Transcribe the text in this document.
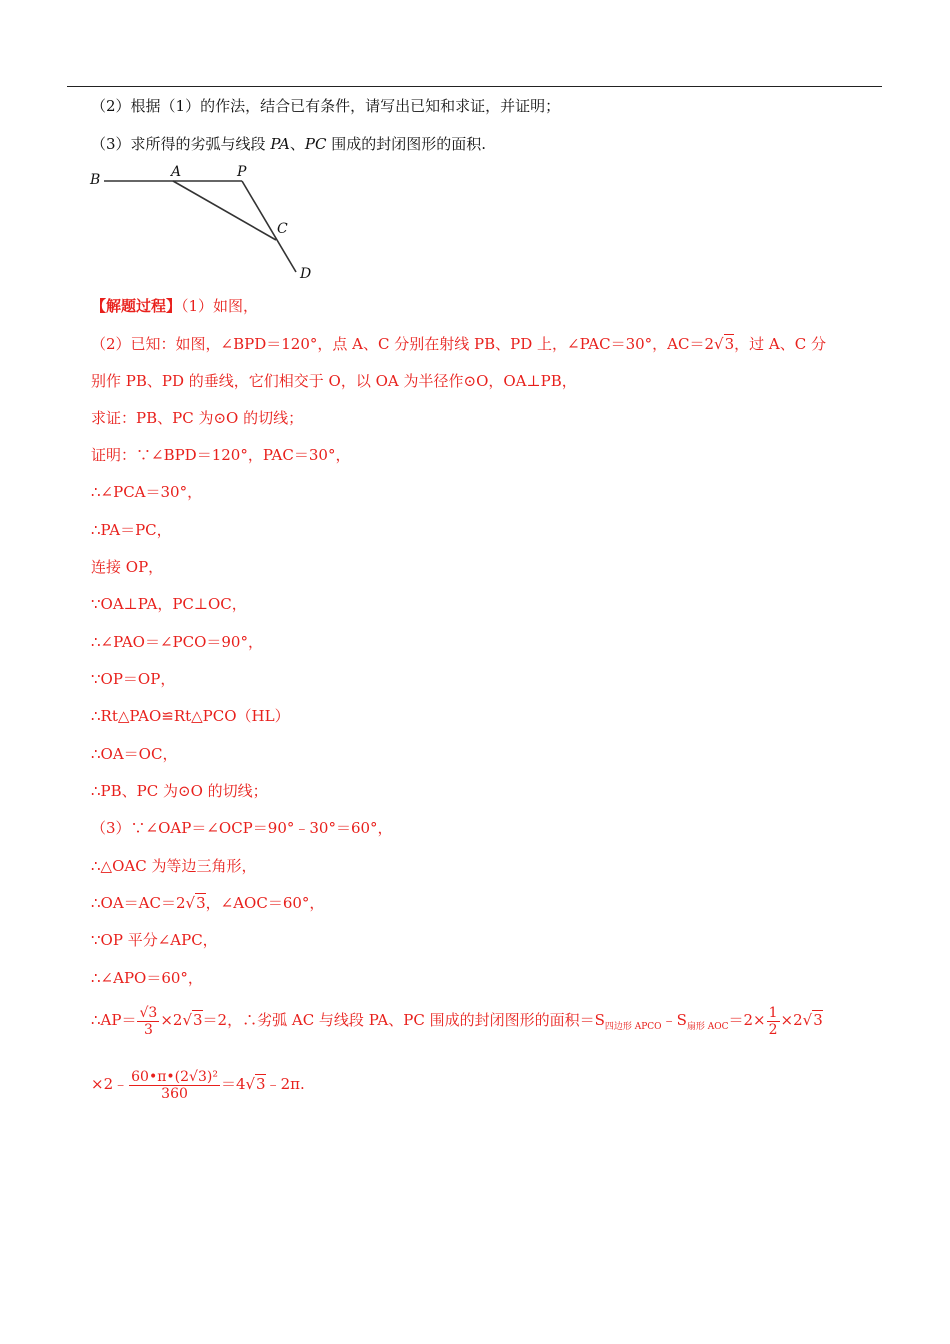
（2）根据（1）的作法，结合已有条件，请写出已知和求证，并证明；
（3）求所得的劣弧与线段 PA、PC 围成的封闭图形的面积.
B	A	P
C
D
【解题过程】（1）如图，
（2）已知：如图，∠BPD＝120°，点 A、C 分别在射线 PB、PD 上，∠PAC＝30°，AC＝2√3，过 A、C 分
别作 PB、PD 的垂线，它们相交于 O，以 OA 为半径作⊙O，OA⊥PB，
求证：PB、PC 为⊙O 的切线；
证明：∵∠BPD＝120°，PAC＝30°，
∴∠PCA＝30°，
∴PA＝PC，
连接 OP，
∵OA⊥PA，PC⊥OC，
∴∠PAO＝∠PCO＝90°，
∵OP＝OP，
∴Rt△PAO≌Rt△PCO（HL）
∴OA＝OC，
∴PB、PC 为⊙O 的切线；
（3）∵∠OAP＝∠OCP＝90°﹣30°＝60°，
∴△OAC 为等边三角形，
∴OA＝AC＝2√3，∠AOC＝60°，
∵OP 平分∠APC，
∴∠APO＝60°，
∴AP＝ $\frac{√3}{3} \times 2√3=2$，∴劣弧 AC 与线段 PA、PC 围成的封闭图形的面积$=S_{四边形 APCO}﹣S_{扇形 AOC}=2\times \frac{1}{2} \times 2√3$
×2﹣ $\frac{\text{60•π•(2√3)²}}{360}$ ＝4√3﹣2π.
